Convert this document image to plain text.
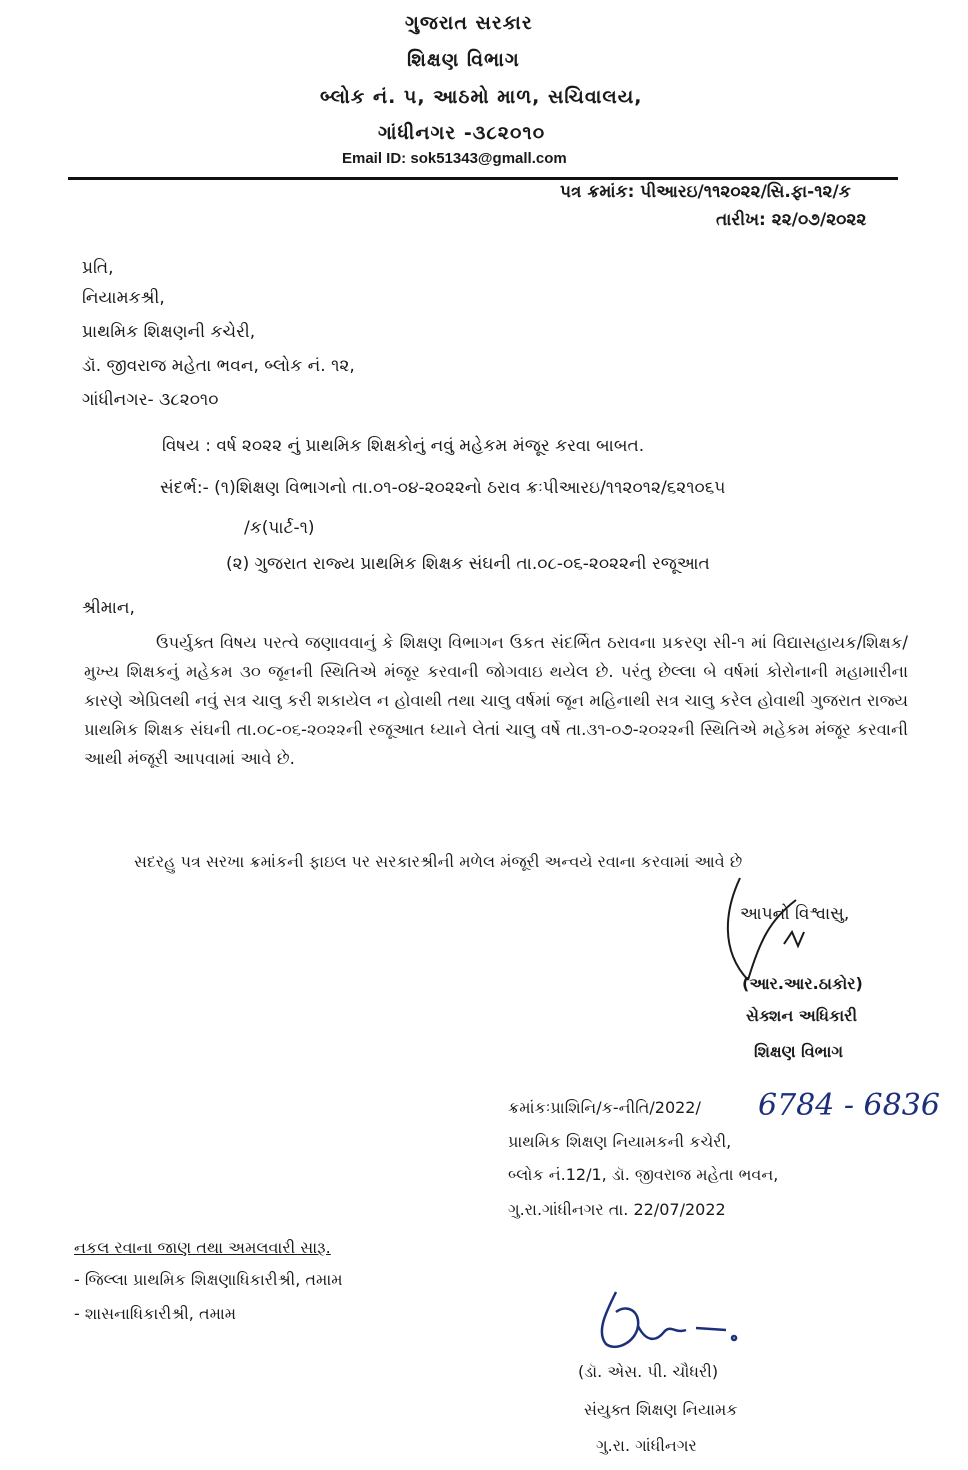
ગુજરાત સરકાર
શિક્ષણ વિભાગ
બ્લોક નં. ૫, આઠમો માળ, સચિવાલય,
ગાંધીનગર -૩૮૨૦૧૦
Email ID: sok51343@gmall.com
પત્ર ક્રમાંક: પીઆરઇ/૧૧૨૦૨૨/સિ.ફા-૧૨/ક
તારીખ: ૨૨/૦૭/૨૦૨૨
પ્રતિ,
નિયામકશ્રી,
પ્રાથમિક શિક્ષણની કચેરી,
ડૉ. જીવરાજ મહેતા ભવન, બ્લોક નં. ૧૨,
ગાંધીનગર- ૩૮૨૦૧૦
વિષય : વર્ષ ૨૦૨૨ નું પ્રાથમિક શિક્ષકોનું નવું મહેકમ મંજૂર કરવા બાબત.
સંદર્ભ:- (૧)શિક્ષણ વિભાગનો તા.૦૧-૦૪-૨૦૨૨નો ઠરાવ ક્રઃપીઆરઇ/૧૧૨૦૧૨/૬૨૧૦૬૫
/ક(પાર્ટ-૧)
(૨) ગુજરાત રાજ્ય પ્રાથમિક શિક્ષક સંઘની તા.૦૮-૦૬-૨૦૨૨ની રજૂઆત
શ્રીમાન,
ઉપર્યુક્ત વિષય પરત્વે જણાવવાનું કે શિક્ષણ વિભાગન ઉકત સંદર્ભિત ઠરાવના પ્રકરણ સી-૧ માં વિદ્યાસહાયક/શિક્ષક/મુખ્ય શિક્ષકનું મહેકમ ૩૦ જૂનની સ્થિતિએ મંજૂર કરવાની જોગવાઇ થયેલ છે. પરંતુ છેલ્લા બે વર્ષમાં કોરોનાની મહામારીના કારણે એપ્રિલથી નવું સત્ર ચાલુ કરી શકાયેલ ન હોવાથી તથા ચાલુ વર્ષમાં જૂન મહિનાથી સત્ર ચાલુ કરેલ હોવાથી ગુજરાત રાજ્ય પ્રાથમિક શિક્ષક સંઘની તા.૦૮-૦૬-૨૦૨૨ની રજૂઆત ધ્યાને લેતાં ચાલુ વર્ષે તા.૩૧-૦૭-૨૦૨૨ની સ્થિતિએ મહેકમ મંજૂર કરવાની આથી મંજૂરી આપવામાં આવે છે.
સદરહુ પત્ર સરખા ક્રમાંકની ફાઇલ પર સરકારશ્રીની મળેલ મંજૂરી અન્વયે રવાના કરવામાં આવે છે
આપનો વિશ્વાસુ,
(આર.આર.ઠાકોર)
સેક્શન અધિકારી
શિક્ષણ વિભાગ
ક્રમાંકઃપ્રાશિનિ/ક-નીતિ/2022/ 6784 - 6836
પ્રાથમિક શિક્ષણ નિયામકની કચેરી,
બ્લોક નં.12/1, ડૉ. જીવરાજ મહેતા ભવન,
ગુ.રા.ગાંધીનગર તા. 22/07/2022
નકલ રવાના જાણ તથા અમલવારી સારૂ.
- જિલ્લા પ્રાથમિક શિક્ષણાધિકારીશ્રી, તમામ
- શાસનાધિકારીશ્રી, તમામ
(ડૉ. એસ. પી. ચૌધરી)
સંયુક્ત શિક્ષણ નિયામક
ગુ.રા. ગાંધીનગર
